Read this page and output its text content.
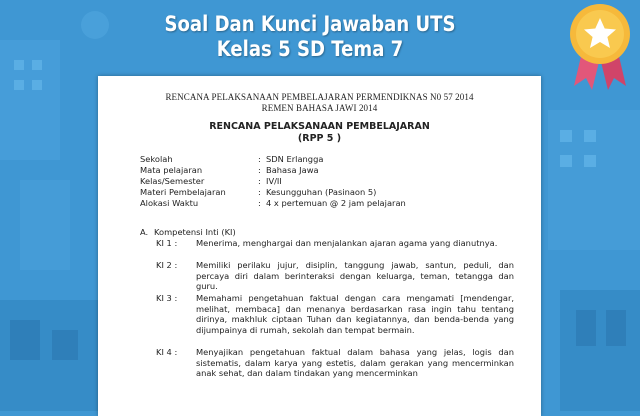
Soal Dan Kunci Jawaban UTS
Kelas 5 SD Tema 7
RENCANA PELAKSANAAN PEMBELAJARAN PERMENDIKNAS N0 57 2014
REMEN BAHASA JAWI 2014
RENCANA PELAKSANAAN PEMBELAJARAN
(RPP 5 )
Sekolah	: SDN Erlangga
Mata pelajaran	: Bahasa Jawa
Kelas/Semester	: IV/II
Materi Pembelajaran	: Kesungguhan (Pasinaon 5)
Alokasi Waktu	: 4 x pertemuan @ 2 jam pelajaran
A. Kompetensi Inti (KI)
KI 1 :	Menerima, menghargai dan menjalankan ajaran agama yang dianutnya.
KI 2 :	Memiliki perilaku jujur, disiplin, tanggung jawab, santun, peduli, dan percaya diri dalam berinteraksi dengan keluarga, teman, tetangga dan guru.
KI 3 :	Memahami pengetahuan faktual dengan cara mengamati [mendengar, melihat, membaca] dan menanya berdasarkan rasa ingin tahu tentang dirinya, makhluk ciptaan Tuhan dan kegiatannya, dan benda-benda yang dijumpainya di rumah, sekolah dan tempat bermain.
KI 4 :	Menyajikan pengetahuan faktual dalam bahasa yang jelas, logis dan sistematis, dalam karya yang estetis, dalam gerakan yang mencerminkan anak sehat, dan dalam tindakan yang mencerminkan
